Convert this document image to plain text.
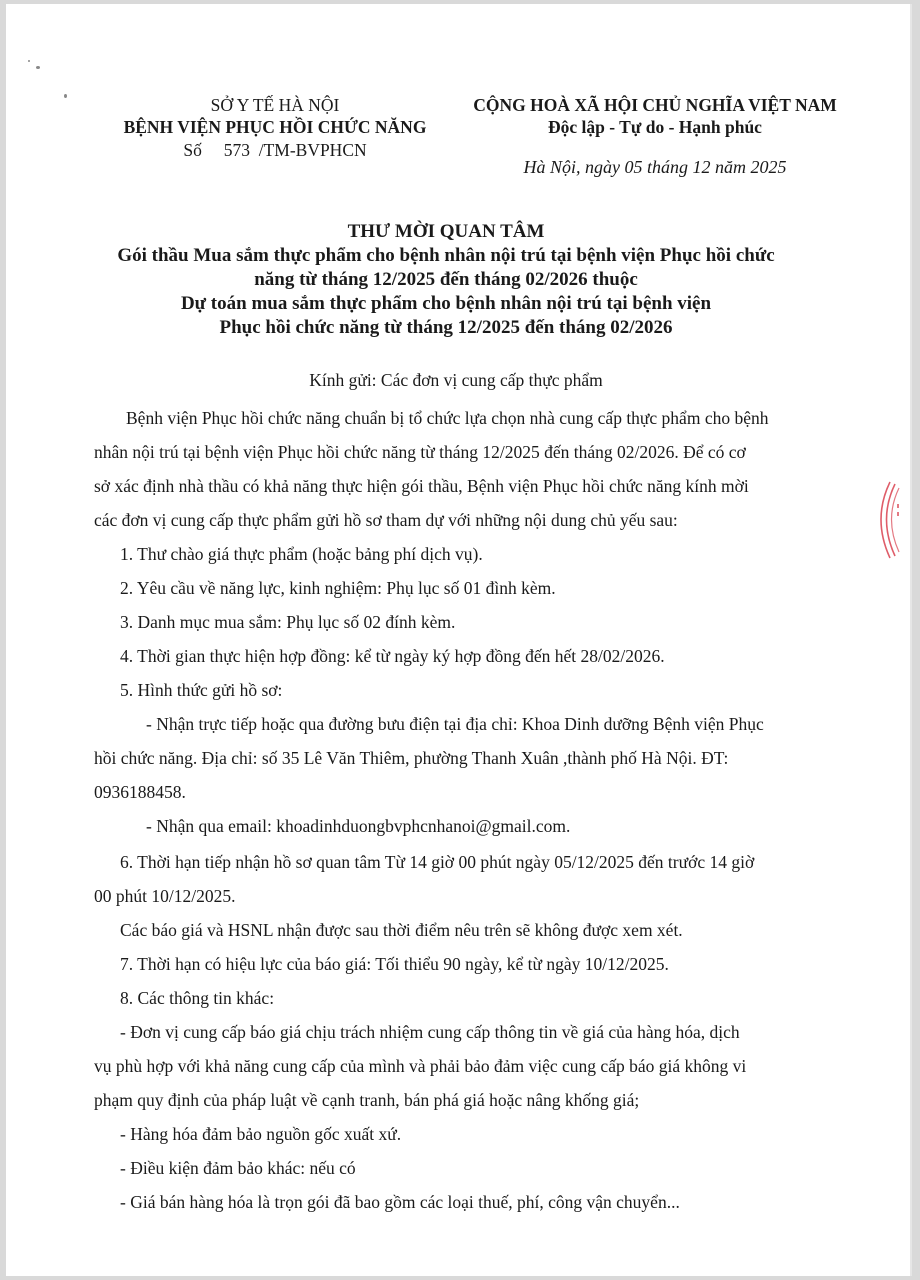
SỞ Y TẾ HÀ NỘI
BỆNH VIỆN PHỤC HỒI CHỨC NĂNG
Số     573  /TM-BVPHCN
CỘNG HOÀ XÃ HỘI CHỦ NGHĨA VIỆT NAM
Độc lập - Tự do - Hạnh phúc
Hà Nội, ngày 05 tháng 12 năm 2025
THƯ MỜI QUAN TÂM
Gói thầu Mua sắm thực phẩm cho bệnh nhân nội trú tại bệnh viện Phục hồi chức
năng từ tháng 12/2025 đến tháng 02/2026 thuộc
Dự toán mua sắm thực phẩm cho bệnh nhân nội trú tại bệnh viện
Phục hồi chức năng từ tháng 12/2025 đến tháng 02/2026
Kính gửi: Các đơn vị cung cấp thực phẩm
Bệnh viện Phục hồi chức năng chuẩn bị tổ chức lựa chọn nhà cung cấp thực phẩm cho bệnh
nhân nội trú tại bệnh viện Phục hồi chức năng từ tháng 12/2025 đến tháng 02/2026. Để có cơ
sở xác định nhà thầu có khả năng thực hiện gói thầu, Bệnh viện Phục hồi chức năng kính mời
các đơn vị cung cấp thực phẩm gửi hồ sơ tham dự với những nội dung chủ yếu sau:
1. Thư chào giá thực phẩm (hoặc bảng phí dịch vụ).
2. Yêu cầu về năng lực, kinh nghiệm: Phụ lục số 01 đình kèm.
3. Danh mục mua sắm: Phụ lục số 02 đính kèm.
4. Thời gian thực hiện hợp đồng: kể từ ngày ký hợp đồng đến hết 28/02/2026.
5. Hình thức gửi hồ sơ:
- Nhận trực tiếp hoặc qua đường bưu điện tại địa chỉ: Khoa Dinh dưỡng Bệnh viện Phục
hồi chức năng. Địa chỉ: số 35 Lê Văn Thiêm, phường Thanh Xuân ,thành phố Hà Nội. ĐT:
0936188458.
- Nhận qua email: khoadinhduongbvphcnhanoi@gmail.com.
6. Thời hạn tiếp nhận hồ sơ quan tâm Từ 14 giờ 00 phút ngày 05/12/2025 đến trước 14 giờ
00 phút 10/12/2025.
Các báo giá và HSNL nhận được sau thời điểm nêu trên sẽ không được xem xét.
7. Thời hạn có hiệu lực của báo giá: Tối thiểu 90 ngày, kể từ ngày 10/12/2025.
8. Các thông tin khác:
- Đơn vị cung cấp báo giá chịu trách nhiệm cung cấp thông tin về giá của hàng hóa, dịch
vụ phù hợp với khả năng cung cấp của mình và phải bảo đảm việc cung cấp báo giá không vi
phạm quy định của pháp luật về cạnh tranh, bán phá giá hoặc nâng khống giá;
- Hàng hóa đảm bảo nguồn gốc xuất xứ.
- Điều kiện đảm bảo khác: nếu có
- Giá bán hàng hóa là trọn gói đã bao gồm các loại thuế, phí, công vận chuyển...
